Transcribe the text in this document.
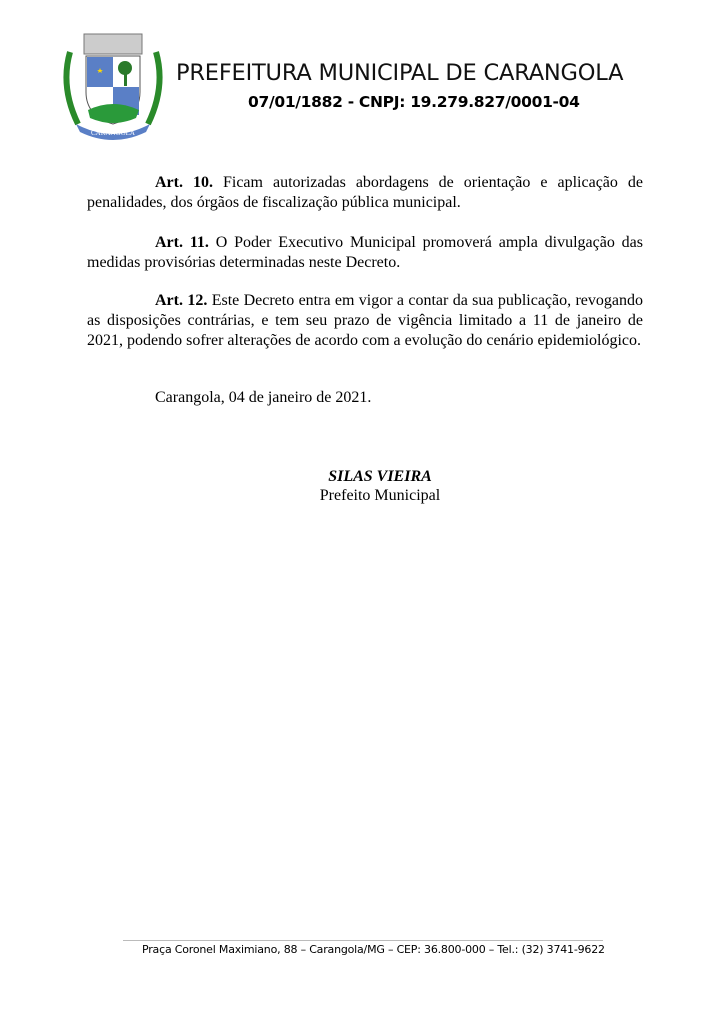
CARANGOLA
PREFEITURA MUNICIPAL DE CARANGOLA
07/01/1882 - CNPJ: 19.279.827/0001-04

Art. 10. Ficam autorizadas abordagens de orientação e aplicação de penalidades, dos órgãos de fiscalização pública municipal.

Art. 11. O Poder Executivo Municipal promoverá ampla divulgação das medidas provisórias determinadas neste Decreto.

Art. 12. Este Decreto entra em vigor a contar da sua publicação, revogando as disposições contrárias, e tem seu prazo de vigência limitado a 11 de janeiro de 2021, podendo sofrer alterações de acordo com a evolução do cenário epidemiológico.

Carangola, 04 de janeiro de 2021.

SILAS VIEIRA
Prefeito Municipal
Praça Coronel Maximiano, 88 – Carangola/MG – CEP: 36.800-000 – Tel.: (32) 3741-9622
